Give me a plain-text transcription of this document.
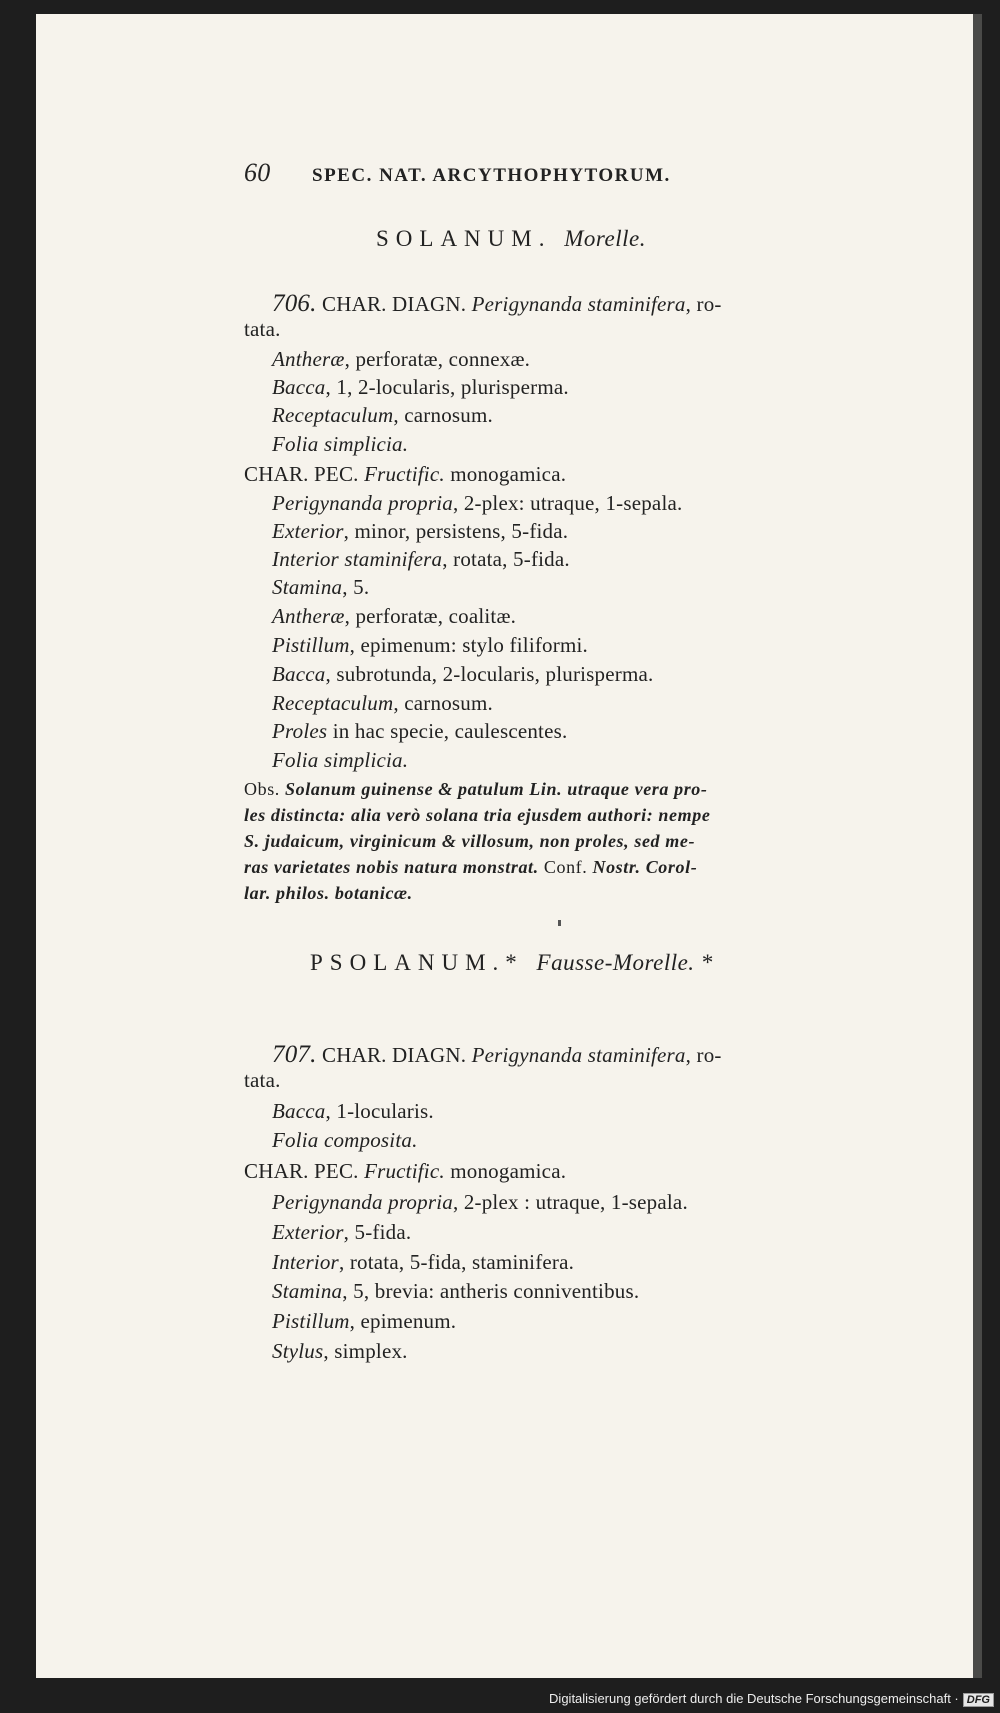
60 SPEC. NAT. ARCYTHOPHYTORUM.
SOLANUM. Morelle.
706. CHAR. DIAGN. Perigynanda staminifera, ro-
tata.
Antheræ, perforatæ, connexæ.
Bacca, 1, 2-locularis, plurisperma.
Receptaculum, carnosum.
Folia simplicia.
CHAR. PEC. Fructific. monogamica.
Perigynanda propria, 2-plex: utraque, 1-sepala.
Exterior, minor, persistens, 5-fida.
Interior staminifera, rotata, 5-fida.
Stamina, 5.
Antheræ, perforatæ, coalitæ.
Pistillum, epimenum: stylo filiformi.
Bacca, subrotunda, 2-locularis, plurisperma.
Receptaculum, carnosum.
Proles in hac specie, caulescentes.
Folia simplicia.
Obs. Solanum guinense & patulum Lin. utraque vera pro-
les distincta: alia verò solana tria ejusdem authori: nempe
S. judaicum, virginicum & villosum, non proles, sed me-
ras varietates nobis natura monstrat. Conf. Nostr. Corol-
lar. philos. botanicæ.
PSOLANUM.* Fausse-Morelle. *
707. CHAR. DIAGN. Perigynanda staminifera, ro-
tata.
Bacca, 1-locularis.
Folia composita.
CHAR. PEC. Fructific. monogamica.
Perigynanda propria, 2-plex : utraque, 1-sepala.
Exterior, 5-fida.
Interior, rotata, 5-fida, staminifera.
Stamina, 5, brevia: antheris conniventibus.
Pistillum, epimenum.
Stylus, simplex.
Digitalisierung gefördert durch die Deutsche Forschungsgemeinschaft · DFG
